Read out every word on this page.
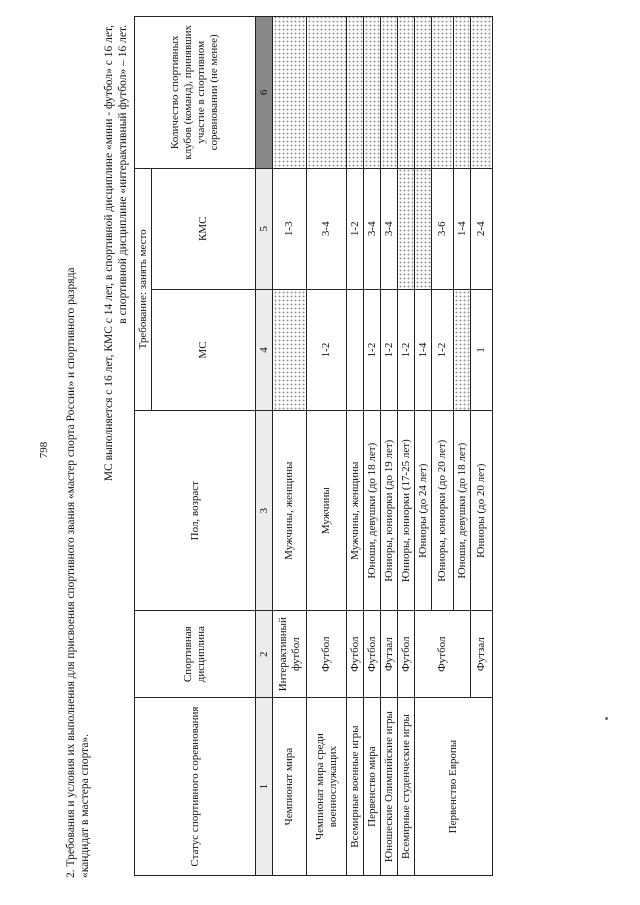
798 2. Требования и условия их выполнения для присвоения спортивного звания «мастер спорта России» и спортивного разряда «кандидат в мастера спорта».
МС выполняется с 16 лет, КМС с 14 лет, в спортивной дисциплине «мини - футбол» с 16 лет, в спортивной дисциплине «интерактивный футбол» – 16 лет.
Статус спортивного соревнования	Спортивная дисциплина	Пол, возраст	Требование: занять место		Количество спортивных клубов (команд), принявших участие в спортивном соревновании (не менее)
			МС	КМС	
1	2	3	4	5	6
Чемпионат мира	Интерактивный футбол	Мужчины, женщины		1-3	
Чемпионат мира среди военнослужащих	Футбол	Мужчины	1-2	3-4	
Всемирные военные игры	Футбол	Мужчины, женщины		1-2	
Первенство мира	Футбол	Юноши, девушки (до 18 лет)	1-2	3-4	
Юношеские Олимпийские игры	Футзал	Юниоры, юниорки (до 19 лет)	1-2	3-4	
Всемирные студенческие игры	Футбол	Юниоры, юниорки (17-25 лет)	1-2		
Первенство Европы	Футбол	Юниоры (до 24 лет)	1-4		
		Юниоры, юниорки (до 20 лет)	1-2	3-6	
		Юноши, девушки (до 18 лет)		1-4	
	Футзал	Юниоры (до 20 лет)	1	2-4	
